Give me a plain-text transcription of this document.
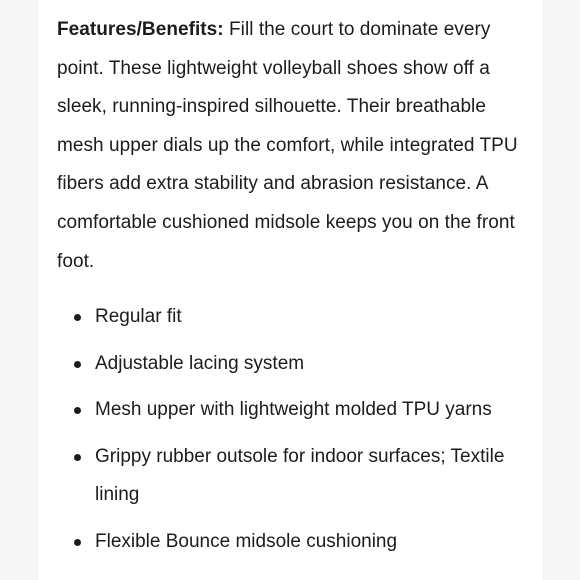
Features/Benefits: Fill the court to dominate every point. These lightweight volleyball shoes show off a sleek, running-inspired silhouette. Their breathable mesh upper dials up the comfort, while integrated TPU fibers add extra stability and abrasion resistance. A comfortable cushioned midsole keeps you on the front foot.

Regular fit
Adjustable lacing system
Mesh upper with lightweight molded TPU yarns
Grippy rubber outsole for indoor surfaces; Textile lining
Flexible Bounce midsole cushioning
